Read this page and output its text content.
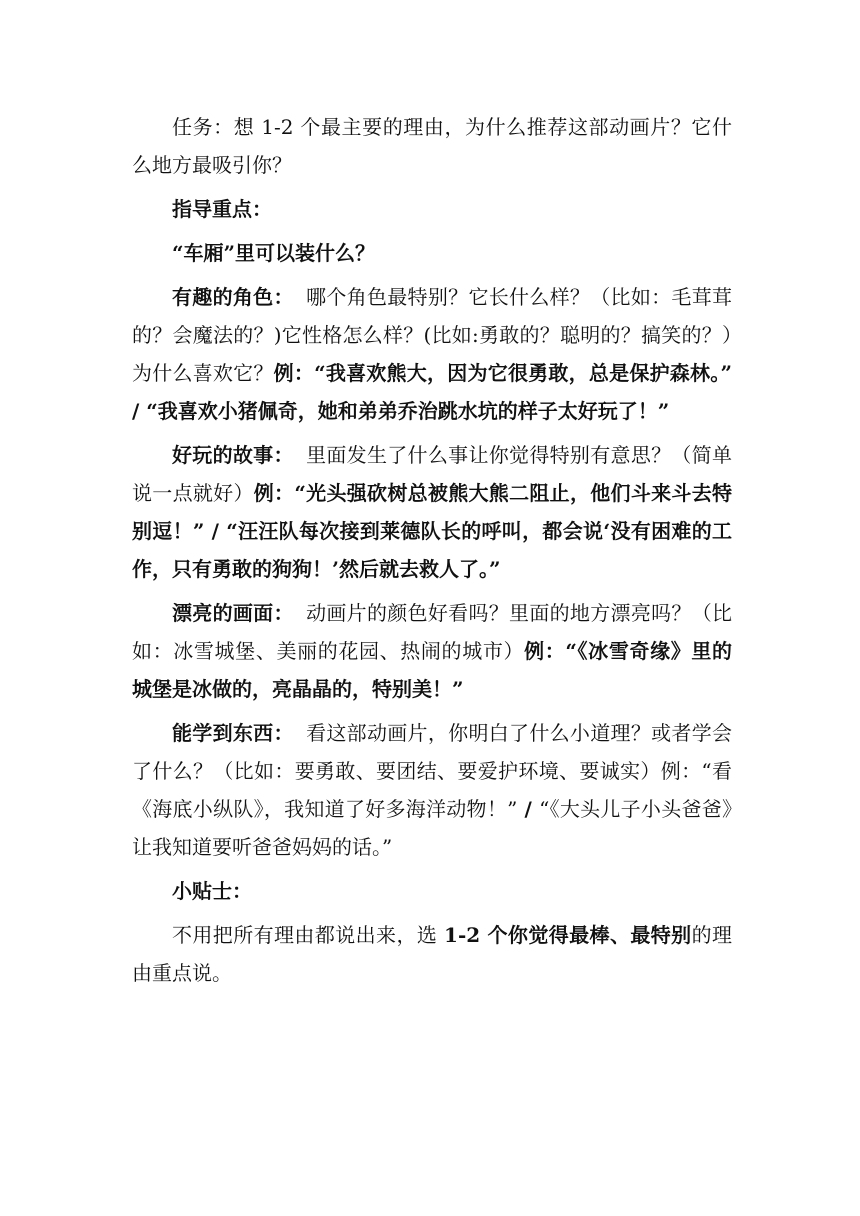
任务：想 1-2 个最主要的理由，为什么推荐这部动画片？它什么地方最吸引你？

指导重点：

“车厢”里可以装什么？

有趣的角色： 哪个角色最特别？它长什么样？（比如：毛茸茸的？会魔法的？)它性格怎么样？(比如:勇敢的？聪明的？搞笑的？）为什么喜欢它？例：“我喜欢熊大，因为它很勇敢，总是保护森林。” / “我喜欢小猪佩奇，她和弟弟乔治跳水坑的样子太好玩了！”

好玩的故事： 里面发生了什么事让你觉得特别有意思？（简单说一点就好）例：“光头强砍树总被熊大熊二阻止，他们斗来斗去特别逗！” / “汪汪队每次接到莱德队长的呼叫，都会说‘没有困难的工作，只有勇敢的狗狗！’然后就去救人了。”

漂亮的画面： 动画片的颜色好看吗？里面的地方漂亮吗？（比如：冰雪城堡、美丽的花园、热闹的城市）例：“《冰雪奇缘》里的城堡是冰做的，亮晶晶的，特别美！”

能学到东西： 看这部动画片，你明白了什么小道理？或者学会了什么？（比如：要勇敢、要团结、要爱护环境、要诚实）例：“看《海底小纵队》，我知道了好多海洋动物！” / “《大头儿子小头爸爸》让我知道要听爸爸妈妈的话。”

小贴士：

不用把所有理由都说出来，选 1-2 个你觉得最棒、最特别的理由重点说。
